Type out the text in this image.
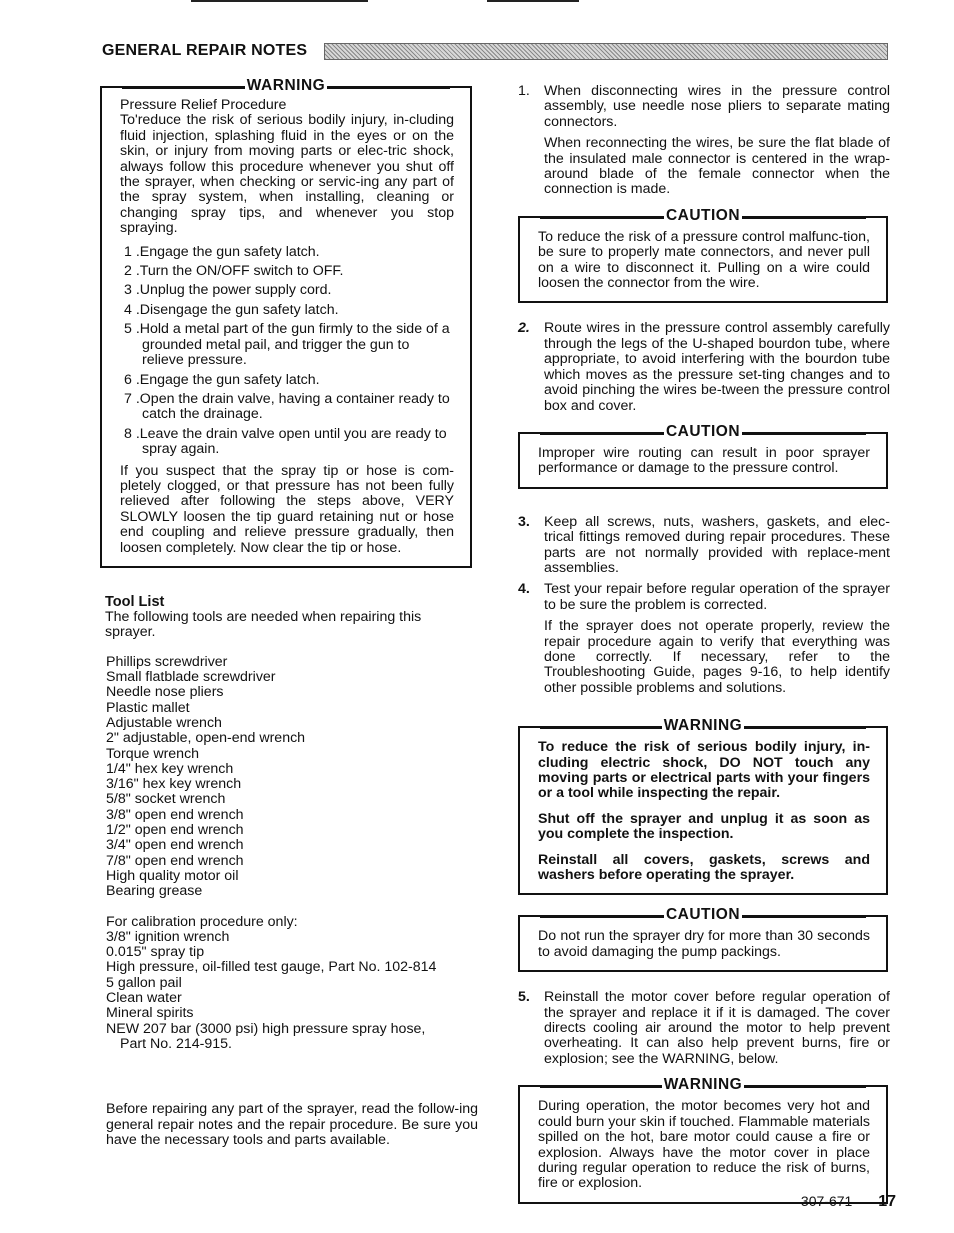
GENERAL REPAIR NOTES
WARNING

Pressure Relief Procedure

To'reduce the risk of serious bodily injury, in-cluding fluid injection, splashing fluid in the eyes or on the skin, or injury from moving parts or elec-tric shock, always follow this procedure whenever you shut off the sprayer, when checking or servic-ing any part of the spray system, when installing, cleaning or changing spray tips, and whenever you stop spraying.

1 .Engage the gun safety latch.
2 .Turn the ON/OFF switch to OFF.
3 .Unplug the power supply cord.
4 .Disengage the gun safety latch.
5 .Hold a metal part of the gun firmly to the side of a grounded metal pail, and trigger the gun to relieve pressure.
6 .Engage the gun safety latch.
7 .Open the drain valve, having a container ready to catch the drainage.
8 .Leave the drain valve open until you are ready to spray again.

If you suspect that the spray tip or hose is com-pletely clogged, or that pressure has not been fully relieved after following the steps above, VERY SLOWLY loosen the tip guard retaining nut or hose end coupling and relieve pressure gradually, then loosen completely. Now clear the tip or hose.

Tool List
The following tools are needed when repairing this sprayer.
Phillips screwdriver
Small flatblade screwdriver
Needle nose pliers
Plastic mallet
Adjustable wrench
2" adjustable, open-end wrench
Torque wrench
1/4" hex key wrench
3/16" hex key wrench
5/8" socket wrench
3/8" open end wrench
1/2" open end wrench
3/4" open end wrench
7/8" open end wrench
High quality motor oil
Bearing grease

For calibration procedure only:

3/8" ignition wrench
0.015" spray tip
High pressure, oil-filled test gauge, Part No. 102-814
5 gallon pail
Clean water
Mineral spirits
NEW 207 bar (3000 psi) high pressure spray hose,
Part No. 214-915.
Before repairing any part of the sprayer, read the follow-ing general repair notes and the repair procedure. Be sure you have the necessary tools and parts available.
1. When disconnecting wires in the pressure control assembly, use needle nose pliers to separate mating connectors.

When reconnecting the wires, be sure the flat blade of the insulated male connector is centered in the wrap-around blade of the female connector when the connection is made.

CAUTION

To reduce the risk of a pressure control malfunc-tion, be sure to properly mate connectors, and never pull on a wire to disconnect it. Pulling on a wire could loosen the connector from the wire.

2. Route wires in the pressure control assembly carefully through the legs of the U-shaped bourdon tube, where appropriate, to avoid interfering with the bourdon tube which moves as the pressure set-ting changes and to avoid pinching the wires be-tween the pressure control box and cover.

CAUTION

Improper wire routing can result in poor sprayer performance or damage to the pressure control.

3. Keep all screws, nuts, washers, gaskets, and elec-trical fittings removed during repair procedures. These parts are not normally provided with replace-ment assemblies.

4. Test your repair before regular operation of the sprayer to be sure the problem is corrected.

If the sprayer does not operate properly, review the repair procedure again to verify that everything was done correctly. If necessary, refer to the Troubleshooting Guide, pages 9-16, to help identify other possible problems and solutions.

WARNING

To reduce the risk of serious bodily injury, in-cluding electric shock, DO NOT touch any moving parts or electrical parts with your fingers or a tool while inspecting the repair.

Shut off the sprayer and unplug it as soon as you complete the inspection.

Reinstall all covers, gaskets, screws and washers before operating the sprayer.

CAUTION

Do not run the sprayer dry for more than 30 seconds to avoid damaging the pump packings.

5. Reinstall the motor cover before regular operation of the sprayer and replace it if it is damaged. The cover directs cooling air around the motor to help prevent overheating. It can also help prevent burns, fire or explosion; see the WARNING, below.

WARNING

During operation, the motor becomes very hot and could burn your skin if touched. Flammable materials spilled on the hot, bare motor could cause a fire or explosion. Always have the motor cover in place during regular operation to reduce the risk of burns, fire or explosion.

307-671 17
